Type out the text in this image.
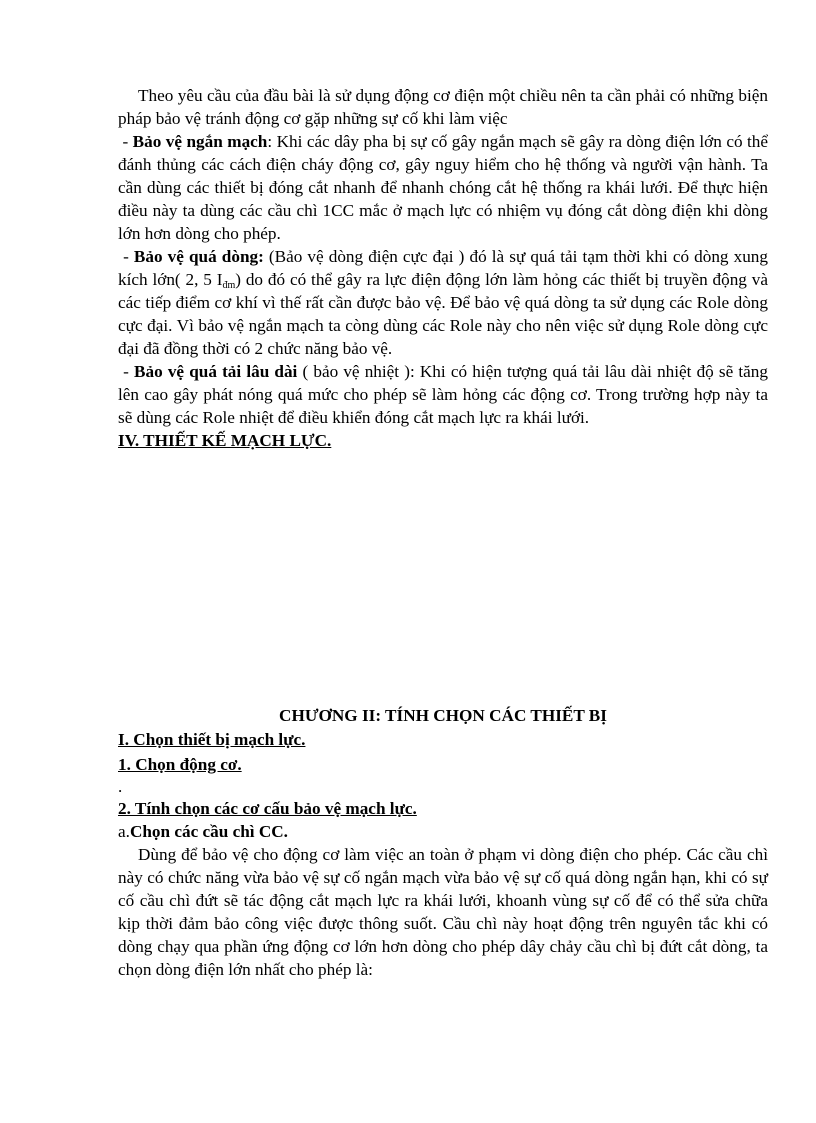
Theo yêu cầu của đầu bài là sử dụng động cơ điện một chiều nên ta cần phải có những biện pháp bảo vệ tránh động cơ gặp những sự cố khi làm việc

- Bảo vệ ngắn mạch: Khi các dây pha bị sự cố gây ngắn mạch sẽ gây ra dòng điện lớn có thể đánh thủng các cách điện cháy động cơ, gây nguy hiểm cho hệ thống và người vận hành. Ta cần dùng các thiết bị đóng cắt nhanh để nhanh chóng cắt hệ thống ra khái lưới. Để thực hiện điều này ta dùng các cầu chì 1CC mắc ở mạch lực có nhiệm vụ đóng cắt dòng điện khi dòng lớn hơn dòng cho phép.

- Bảo vệ quá dòng: (Bảo vệ dòng điện cực đại ) đó là sự quá tải tạm thời khi có dòng xung kích lớn( 2, 5 $I_{đm}$) do đó có thể gây ra lực điện động lớn làm hỏng các thiết bị truyền động và các tiếp điểm cơ khí vì thế rất cần được bảo vệ. Để bảo vệ quá dòng ta sử dụng các Role dòng cực đại. Vì bảo vệ ngắn mạch ta còng dùng các Role này cho nên việc sử dụng Role dòng cực đại đã đồng thời có 2 chức năng bảo vệ.

- Bảo vệ quá tải lâu dài ( bảo vệ nhiệt ): Khi có hiện tượng quá tải lâu dài nhiệt độ sẽ tăng lên cao gây phát nóng quá mức cho phép sẽ làm hỏng các động cơ. Trong trường hợp này ta sẽ dùng các Role nhiệt để điều khiển đóng cắt mạch lực ra khái lưới.

IV. THIẾT KẾ MẠCH LỰC.
CHƯƠNG II: TÍNH CHỌN CÁC THIẾT BỊ
I. Chọn thiết bị mạch lực.
1. Chọn động cơ.
.
2. Tính chọn các cơ cấu bảo vệ mạch lực.

a.Chọn các cầu chì CC.

Dùng để bảo vệ cho động cơ làm việc an toàn ở phạm vi dòng điện cho phép. Các cầu chì này có chức năng vừa bảo vệ sự cố ngắn mạch vừa bảo vệ sự cố quá dòng ngắn hạn, khi có sự cố cầu chì đứt sẽ tác động cắt mạch lực ra khái lưới, khoanh vùng sự cố để có thể sửa chữa kịp thời đảm bảo công việc được thông suốt. Cầu chì này hoạt động trên nguyên tắc khi có dòng chạy qua phần ứng động cơ lớn hơn dòng cho phép dây chảy cầu chì bị đứt cắt dòng, ta chọn dòng điện lớn nhất cho phép là:
